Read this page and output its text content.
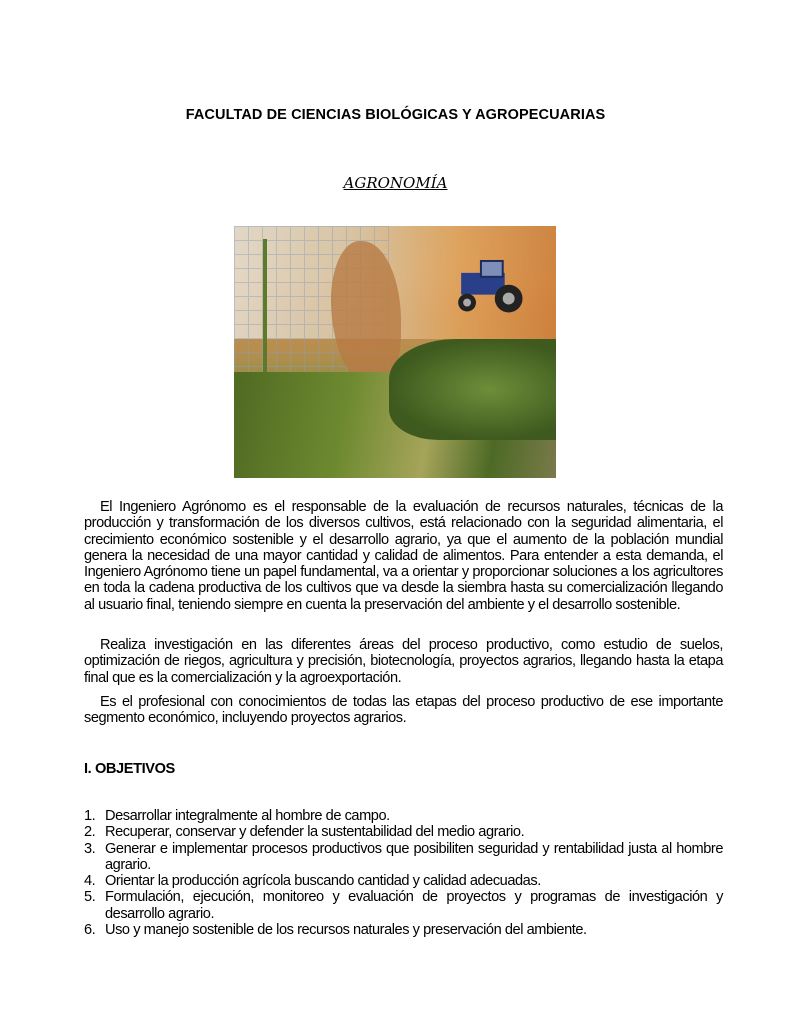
FACULTAD DE CIENCIAS BIOLÓGICAS Y AGROPECUARIAS
AGRONOMÍA

El Ingeniero Agrónomo es el responsable de la evaluación de recursos naturales, técnicas de la producción y transformación de los diversos cultivos, está relacionado con la seguridad alimentaria, el crecimiento económico sostenible y el desarrollo agrario, ya que el aumento de la población mundial genera la necesidad de una mayor cantidad y calidad de alimentos. Para entender a esta demanda, el Ingeniero Agrónomo tiene un papel fundamental, va a orientar y proporcionar soluciones a los agricultores en toda la cadena productiva de los cultivos que va desde la siembra hasta su comercialización llegando al usuario final, teniendo siempre en cuenta la preservación del ambiente y el desarrollo sostenible.

Realiza investigación en las diferentes áreas del proceso productivo, como estudio de suelos, optimización de riegos, agricultura y precisión, biotecnología, proyectos agrarios, llegando hasta la etapa final que es la comercialización y la agroexportación.

Es el profesional con conocimientos de todas las etapas del proceso productivo de ese importante segmento económico, incluyendo proyectos agrarios.

I. OBJETIVOS
1. Desarrollar integralmente al hombre de campo.
2. Recuperar, conservar y defender la sustentabilidad del medio agrario.
3. Generar e implementar procesos productivos que posibiliten seguridad y rentabilidad justa al hombre agrario.
4. Orientar la producción agrícola buscando cantidad y calidad adecuadas.
5. Formulación, ejecución, monitoreo y evaluación de proyectos y programas de investigación y desarrollo agrario.
6. Uso y manejo sostenible de los recursos naturales y preservación del ambiente.
